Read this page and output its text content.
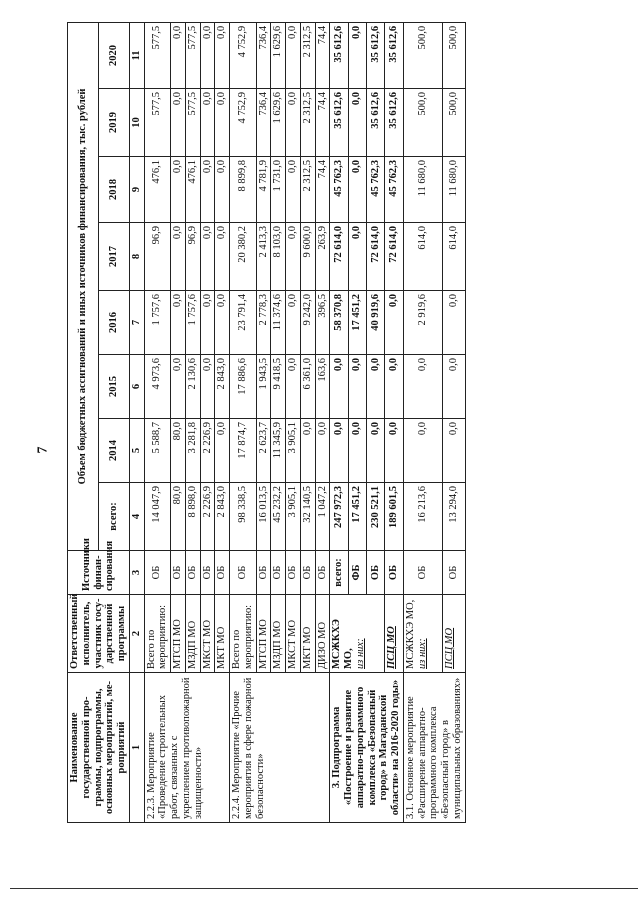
7
Наименование государственной про-граммы, подпрограммы, основных мероприятий, ме-роприятий	Ответственный исполнитель, участник госу-дарственной программы	Источники финан-сирования	Объем бюджетных ассигнований и иных источников финансирования, тыс. рублей							
			всего:	2014	2015	2016	2017	2018	2019	2020
1	2	3	4	5	6	7	8	9	10	11
2.2.3. Мероприятие «Проведение строительных работ, связанных с укреплением противопожарной защищенности»	Всего по мероприятию:	ОБ	14 047,9	5 588,7	4 973,6	1 757,6	96,9	476,1	577,5	577,5
	МТСП МО	ОБ	80,0	80,0	0,0	0,0	0,0	0,0	0,0	0,0
	МЗДП МО	ОБ	8 898,0	3 281,8	2 130,6	1 757,6	96,9	476,1	577,5	577,5
	МКСТ МО	ОБ	2 226,9	2 226,9	0,0	0,0	0,0	0,0	0,0	0,0
	МКТ МО	ОБ	2 843,0	0,0	2 843,0	0,0	0,0	0,0	0,0	0,0
2.2.4. Мероприятие «Прочие мероприятия в сфере пожарной безопасности»	Всего по мероприятию:	ОБ	98 338,5	17 874,7	17 886,6	23 791,4	20 380,2	8 899,8	4 752,9	4 752,9
	МТСП МО	ОБ	16 013,5	2 623,7	1 943,5	2 778,3	2 413,3	4 781,9	736,4	736,4
	МЗДП МО	ОБ	45 232,2	11 345,9	9 418,5	11 374,6	8 103,0	1 731,0	1 629,6	1 629,6
	МКСТ МО	ОБ	3 905,1	3 905,1	0,0	0,0	0,0	0,0	0,0	0,0
	МКТ МО	ОБ	32 140,5	0,0	6 361,0	9 242,0	9 600,0	2 312,5	2 312,5	2 312,5
	ДИЗО МО	ОБ	1 047,2	0,0	163,6	396,5	263,9	74,4	74,4	74,4
3. Подпрограмма «Построение и развитие аппаратно-программного комплекса «Безопасный город» в Магаданской области» на 2016-2020 годы»	МСЖКХЭ МО, из них:	всего:	247 972,3	0,0	0,0	58 370,8	72 614,0	45 762,3	35 612,6	35 612,6
		ФБ	17 451,2	0,0	0,0	17 451,2	0,0	0,0	0,0	0,0
		ОБ	230 521,1	0,0	0,0	40 919,6	72 614,0	45 762,3	35 612,6	35 612,6
	ПСЦ МО	ОБ	189 601,5	0,0	0,0	0,0	72 614,0	45 762,3	35 612,6	35 612,6
3.1. Основное мероприятие «Расширение аппаратно-программного комплекса «Безопасный город» в муниципальных образованиях»	МСЖКХЭ МО, из них:	ОБ	16 213,6	0,0	0,0	2 919,6	614,0	11 680,0	500,0	500,0
	ПСЦ МО	ОБ	13 294,0	0,0	0,0	0,0	614,0	11 680,0	500,0	500,0
